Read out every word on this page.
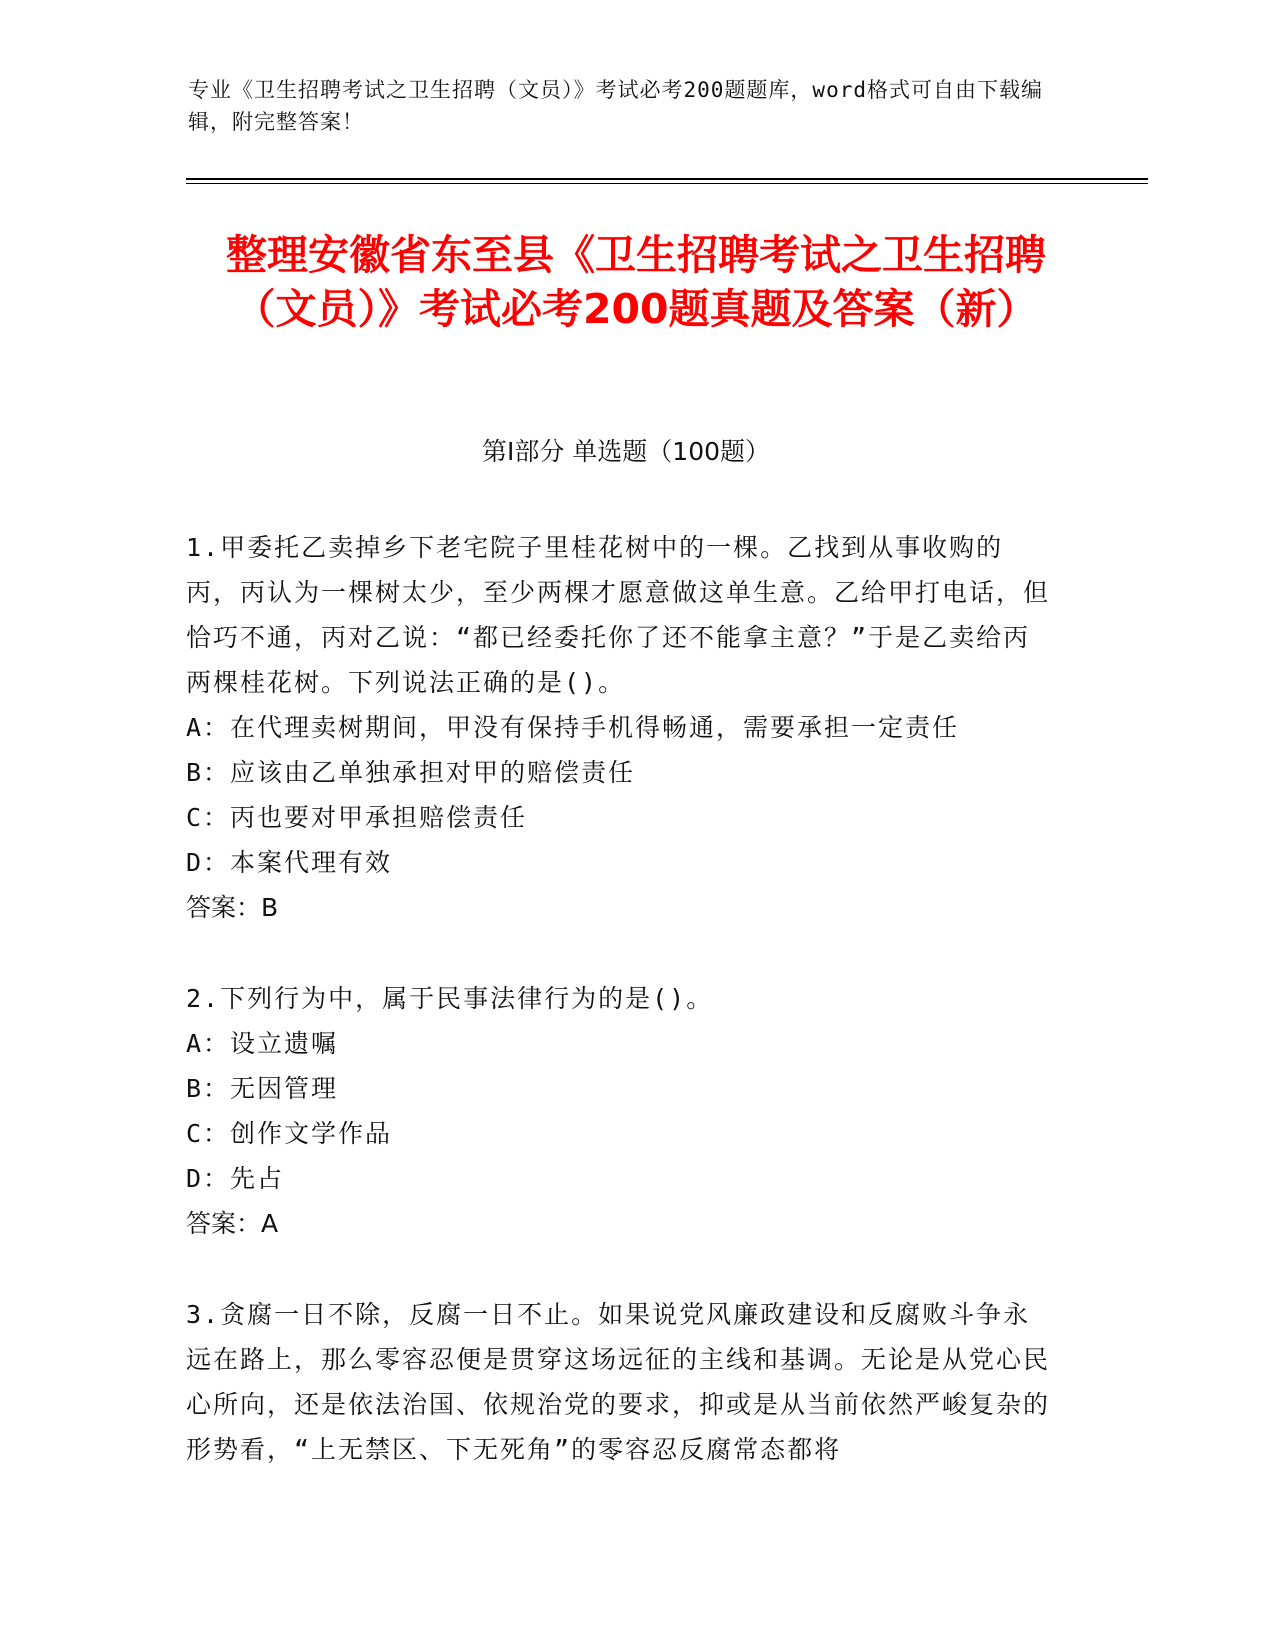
专业《卫生招聘考试之卫生招聘（文员）》考试必考200题题库，word格式可自由下载编辑，附完整答案！
整理安徽省东至县《卫生招聘考试之卫生招聘（文员）》考试必考200题真题及答案（新）
第Ⅰ部分 单选题（100题）
1.甲委托乙卖掉乡下老宅院子里桂花树中的一棵。乙找到从事收购的丙，丙认为一棵树太少，至少两棵才愿意做这单生意。乙给甲打电话，但恰巧不通，丙对乙说：“都已经委托你了还不能拿主意？”于是乙卖给丙两棵桂花树。下列说法正确的是()。
A：在代理卖树期间，甲没有保持手机得畅通，需要承担一定责任
B：应该由乙单独承担对甲的赔偿责任
C：丙也要对甲承担赔偿责任
D：本案代理有效
答案：B
2.下列行为中，属于民事法律行为的是()。
A：设立遗嘱
B：无因管理
C：创作文学作品
D：先占
答案：A
3.贪腐一日不除，反腐一日不止。如果说党风廉政建设和反腐败斗争永远在路上，那么零容忍便是贯穿这场远征的主线和基调。无论是从党心民心所向，还是依法治国、依规治党的要求，抑或是从当前依然严峻复杂的形势看，“上无禁区、下无死角”的零容忍反腐常态都将
